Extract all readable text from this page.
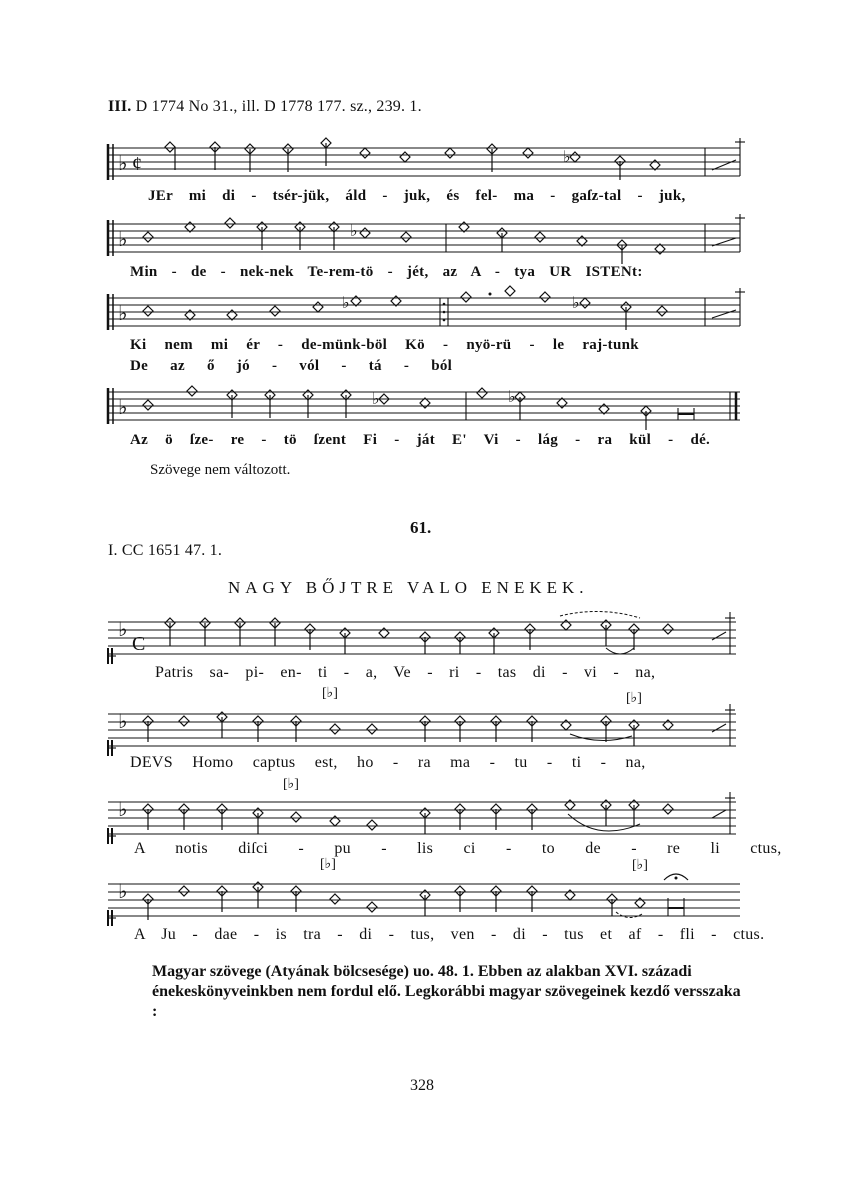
III. D 1774 No 31., ill. D 1778 177. sz., 239. 1.
♭ ¢	♭
JEr mi di - tsér-jük, áld - juk, és fel- ma - gaſz-tal - juk,
♭	♭
Min - de - nek-nek Te-rem-tö - jét, az A - tya UR ISTENt:
♭	♭	♭
Ki nem mi ér - de-münk-böl Kö - nyö-rü - le raj-tunk
De az ő jó - vól - tá - ból
♭	♭	♭
Az ö ſze- re - tö ſzent Fi - ját E' Vi - lág - ra kül - dé.
Szövege nem változott.
61.
I. CC 1651 47. 1.
NAGY BŐJTRE VALO ENEKEK.
♭
C
Patris sa- pi- en- ti - a, Ve - ri - tas di - vi - na,
[♭]	[♭]
♭
DEVS Homo captus est, ho - ra ma - tu - ti - na,
[♭]
♭
A notis diſci - pu - lis ci - to de - re li ctus,
[♭]	[♭]
♭
A Ju - dae - is tra - di - tus, ven - di - tus et af - fli - ctus.
Magyar szövege (Atyának bölcsesége) uo. 48. 1. Ebben az alakban XVI. századi énekeskönyveinkben nem fordul elő. Legkorábbi magyar szövegeinek kezdő versszaka :
328
